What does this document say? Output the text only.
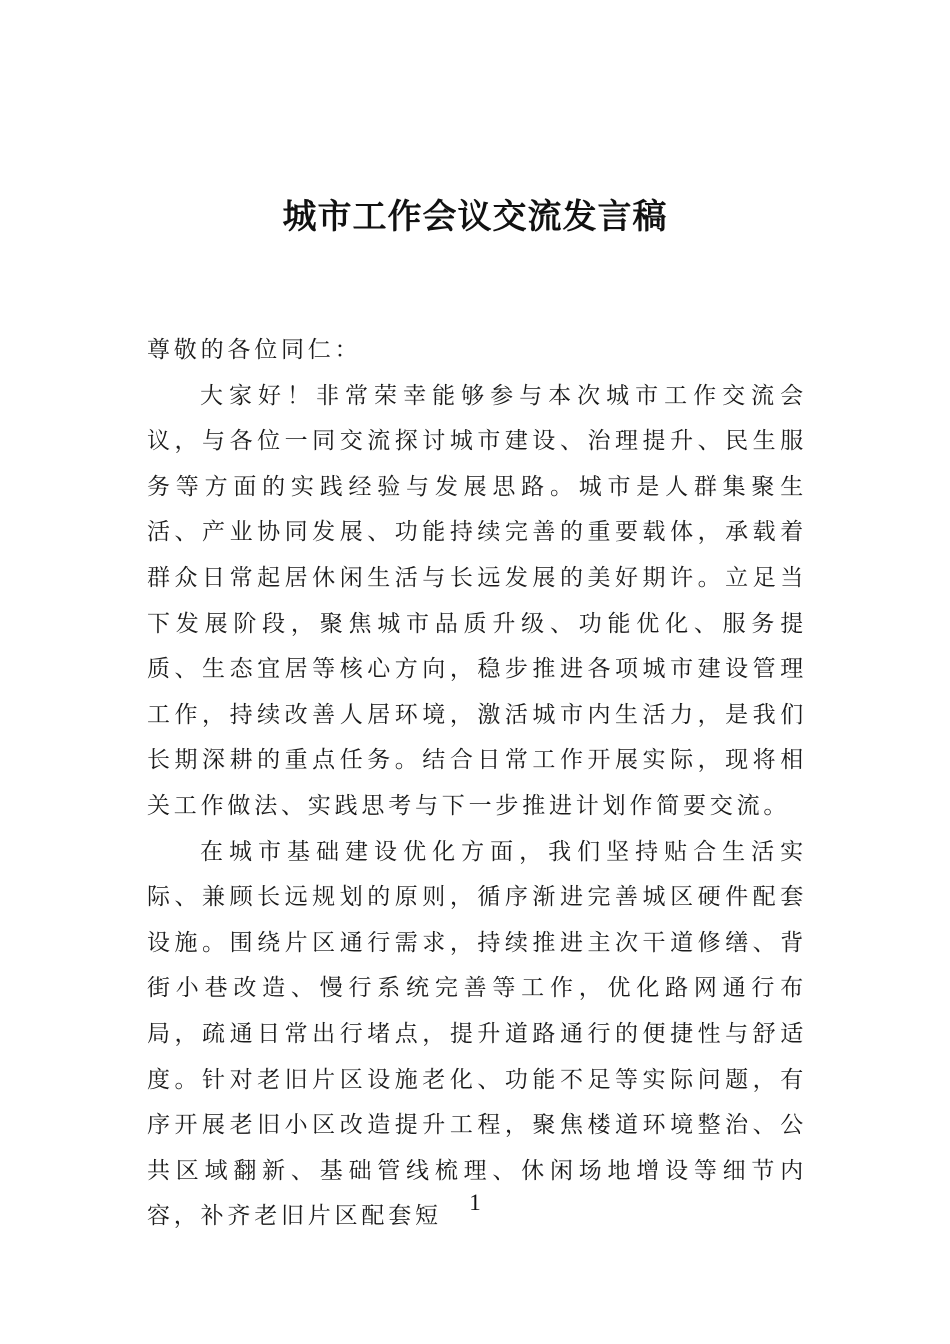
城市工作会议交流发言稿

尊敬的各位同仁：

大家好！非常荣幸能够参与本次城市工作交流会议，与各位一同交流探讨城市建设、治理提升、民生服务等方面的实践经验与发展思路。城市是人群集聚生活、产业协同发展、功能持续完善的重要载体，承载着群众日常起居休闲生活与长远发展的美好期许。立足当下发展阶段，聚焦城市品质升级、功能优化、服务提质、生态宜居等核心方向，稳步推进各项城市建设管理工作，持续改善人居环境，激活城市内生活力，是我们长期深耕的重点任务。结合日常工作开展实际，现将相关工作做法、实践思考与下一步推进计划作简要交流。

在城市基础建设优化方面，我们坚持贴合生活实际、兼顾长远规划的原则，循序渐进完善城区硬件配套设施。围绕片区通行需求，持续推进主次干道修缮、背街小巷改造、慢行系统完善等工作，优化路网通行布局，疏通日常出行堵点，提升道路通行的便捷性与舒适度。针对老旧片区设施老化、功能不足等实际问题，有序开展老旧小区改造提升工程，聚焦楼道环境整治、公共区域翻新、基础管线梳理、休闲场地增设等细节内容，补齐老旧片区配套短

1
